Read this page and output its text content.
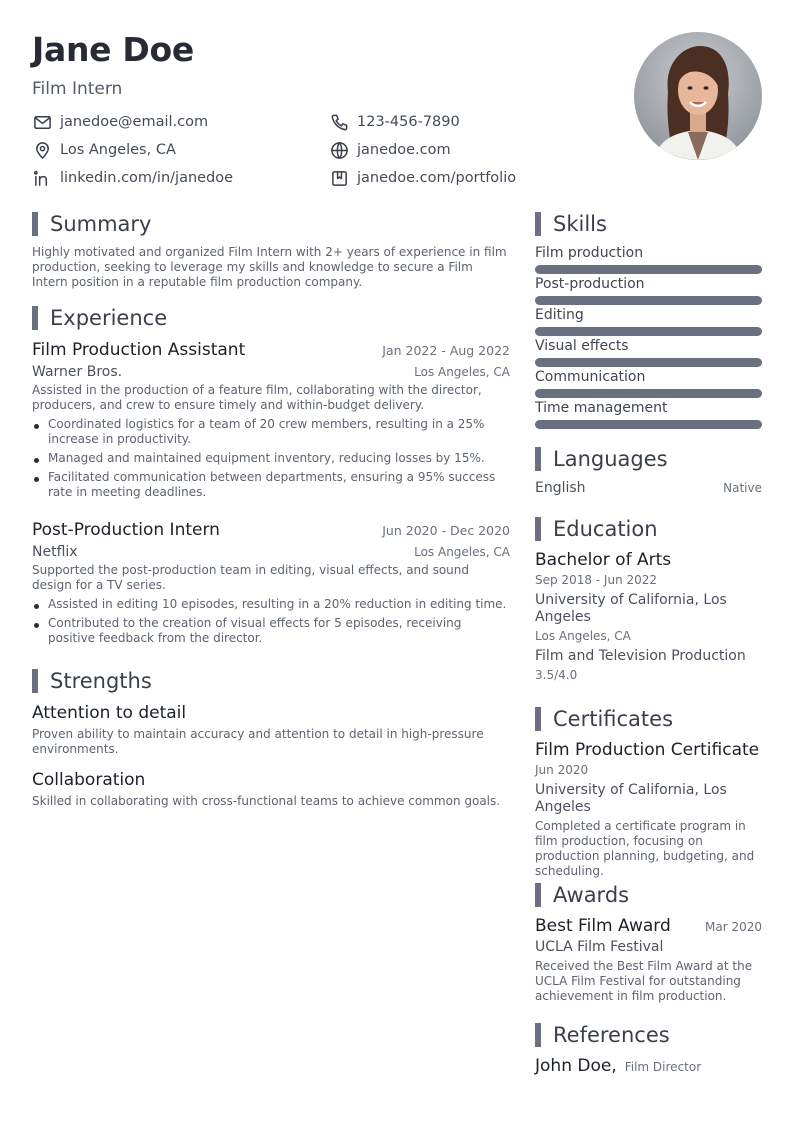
Jane Doe
Film Intern
janedoe@email.com	123-456-7890
Los Angeles, CA	janedoe.com
linkedin.com/in/janedoe	janedoe.com/portfolio
Summary

Highly motivated and organized Film Intern with 2+ years of experience in film production, seeking to leverage my skills and knowledge to secure a Film Intern position in a reputable film production company.

Experience
Film Production Assistant	Jan 2022 - Aug 2022
Warner Bros.	Los Angeles, CA

Assisted in the production of a feature film, collaborating with the director, producers, and crew to ensure timely and within-budget delivery.

Coordinated logistics for a team of 20 crew members, resulting in a 25% increase in productivity.
Managed and maintained equipment inventory, reducing losses by 15%.
Facilitated communication between departments, ensuring a 95% success rate in meeting deadlines.
Post-Production Intern	Jun 2020 - Dec 2020
Netflix	Los Angeles, CA

Supported the post-production team in editing, visual effects, and sound design for a TV series.

Assisted in editing 10 episodes, resulting in a 20% reduction in editing time.
Contributed to the creation of visual effects for 5 episodes, receiving positive feedback from the director.
Strengths
Attention to detail

Proven ability to maintain accuracy and attention to detail in high-pressure environments.

Collaboration

Skilled in collaborating with cross-functional teams to achieve common goals.

Skills
Film production
Post-production
Editing
Visual effects
Communication
Time management
Languages
English	Native
Education
Bachelor of Arts
Sep 2018 - Jun 2022
University of California, Los Angeles
Los Angeles, CA
Film and Television Production
3.5/4.0
Certificates
Film Production Certificate
Jun 2020
University of California, Los Angeles

Completed a certificate program in film production, focusing on production planning, budgeting, and scheduling.

Awards
Best Film Award	Mar 2020
UCLA Film Festival

Received the Best Film Award at the UCLA Film Festival for outstanding achievement in film production.

References
John Doe, Film Director
